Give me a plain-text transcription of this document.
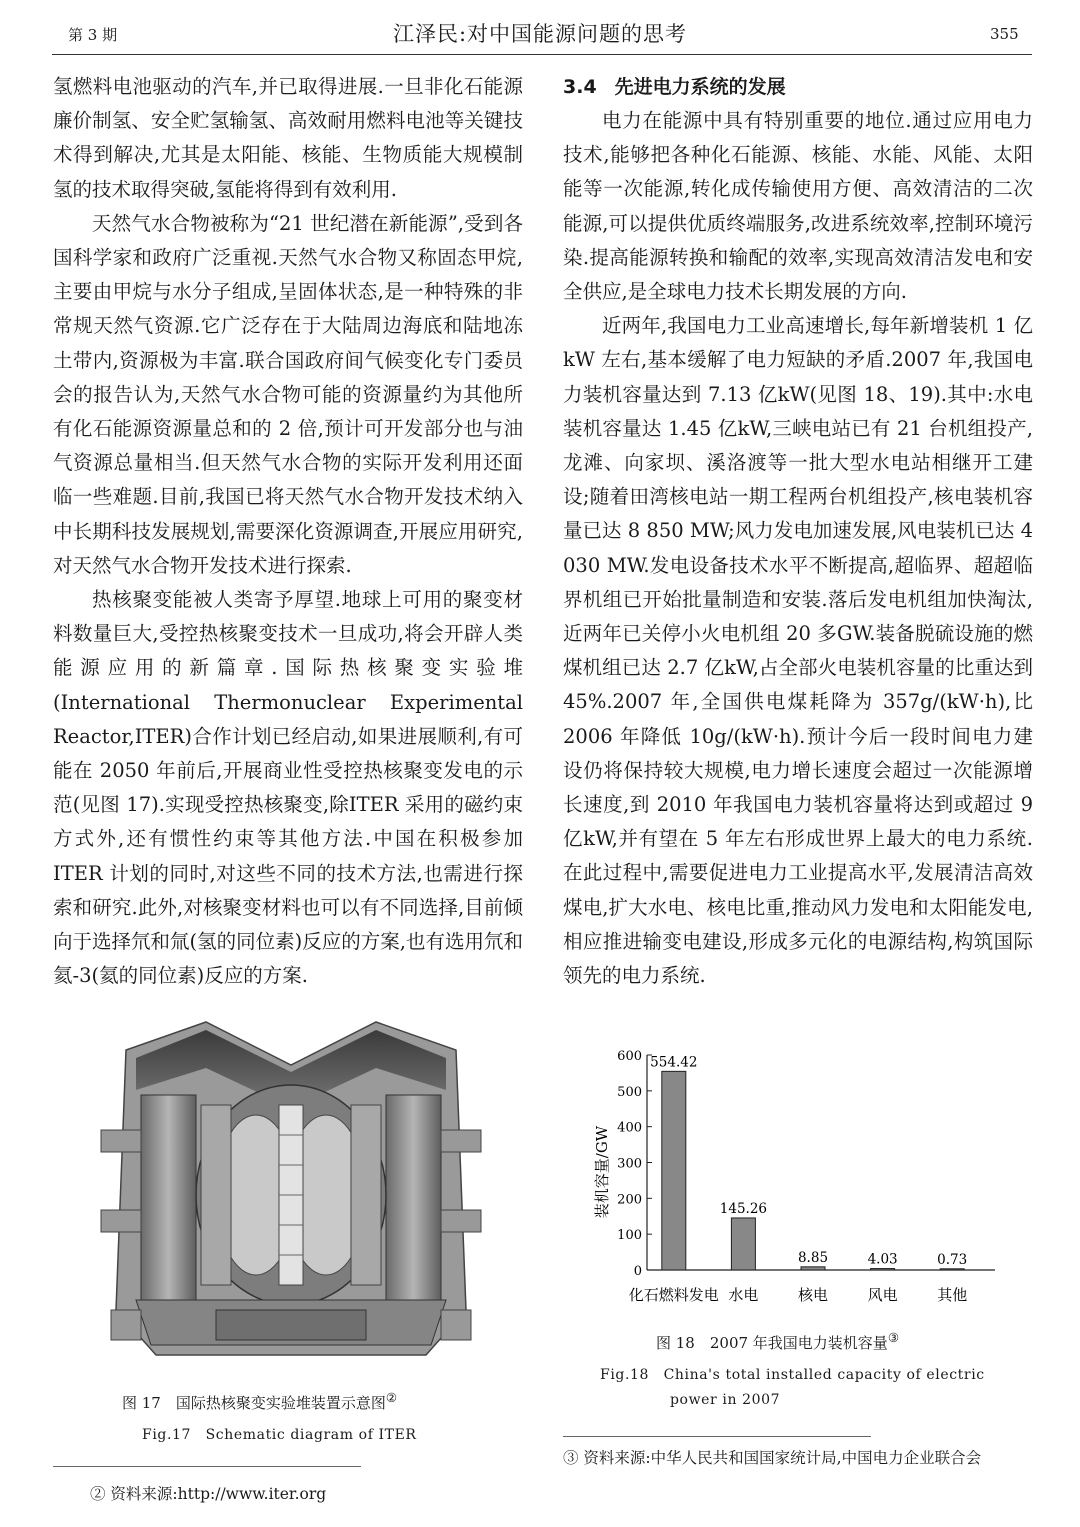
第 3 期	江泽民:对中国能源问题的思考	355

氢燃料电池驱动的汽车,并已取得进展.一旦非化石能源廉价制氢、安全贮氢输氢、高效耐用燃料电池等关键技术得到解决,尤其是太阳能、核能、生物质能大规模制氢的技术取得突破,氢能将得到有效利用.

天然气水合物被称为“21 世纪潜在新能源”,受到各国科学家和政府广泛重视.天然气水合物又称固态甲烷,主要由甲烷与水分子组成,呈固体状态,是一种特殊的非常规天然气资源.它广泛存在于大陆周边海底和陆地冻土带内,资源极为丰富.联合国政府间气候变化专门委员会的报告认为,天然气水合物可能的资源量约为其他所有化石能源资源量总和的 2 倍,预计可开发部分也与油气资源总量相当.但天然气水合物的实际开发利用还面临一些难题.目前,我国已将天然气水合物开发技术纳入中长期科技发展规划,需要深化资源调查,开展应用研究,对天然气水合物开发技术进行探索.

热核聚变能被人类寄予厚望.地球上可用的聚变材料数量巨大,受控热核聚变技术一旦成功,将会开辟人类能源应用的新篇章.国际热核聚变实验堆(International Thermonuclear Experimental Reactor,ITER)合作计划已经启动,如果进展顺利,有可能在 2050 年前后,开展商业性受控热核聚变发电的示范(见图 17).实现受控热核聚变,除ITER 采用的磁约束方式外,还有惯性约束等其他方法.中国在积极参加ITER 计划的同时,对这些不同的技术方法,也需进行探索和研究.此外,对核聚变材料也可以有不同选择,目前倾向于选择氘和氚(氢的同位素)反应的方案,也有选用氘和氦-3(氦的同位素)反应的方案.

3.4 先进电力系统的发展

电力在能源中具有特别重要的地位.通过应用电力技术,能够把各种化石能源、核能、水能、风能、太阳能等一次能源,转化成传输使用方便、高效清洁的二次能源,可以提供优质终端服务,改进系统效率,控制环境污染.提高能源转换和输配的效率,实现高效清洁发电和安全供应,是全球电力技术长期发展的方向.

近两年,我国电力工业高速增长,每年新增装机 1 亿kW 左右,基本缓解了电力短缺的矛盾.2007 年,我国电力装机容量达到 7.13 亿kW(见图 18、19).其中:水电装机容量达 1.45 亿kW,三峡电站已有 21 台机组投产,龙滩、向家坝、溪洛渡等一批大型水电站相继开工建设;随着田湾核电站一期工程两台机组投产,核电装机容量已达 8 850 MW;风力发电加速发展,风电装机已达 4 030 MW.发电设备技术水平不断提高,超临界、超超临界机组已开始批量制造和安装.落后发电机组加快淘汰,近两年已关停小火电机组 20 多GW.装备脱硫设施的燃煤机组已达 2.7 亿kW,占全部火电装机容量的比重达到 45%.2007 年,全国供电煤耗降为 357g/(kW·h),比 2006 年降低 10g/(kW·h).预计今后一段时间电力建设仍将保持较大规模,电力增长速度会超过一次能源增长速度,到 2010 年我国电力装机容量将达到或超过 9 亿kW,并有望在 5 年左右形成世界上最大的电力系统.在此过程中,需要促进电力工业提高水平,发展清洁高效煤电,扩大水电、核电比重,推动风力发电和太阳能发电,相应推进输变电建设,形成多元化的电源结构,构筑国际领先的电力系统.

图 17　国际热核聚变实验堆装置示意图②
Fig.17　Schematic diagram of ITER
0
100
200
300
400
500
600 554.42
化石燃料发电
145.26
水电
8.85
核电
4.03
风电
0.73
其他
装机容量/GW
图 18　2007 年我国电力装机容量③
Fig.18　China's total installed capacity of electric
power in 2007
② 资料来源:http://www.iter.org
③ 资料来源:中华人民共和国国家统计局,中国电力企业联合会
